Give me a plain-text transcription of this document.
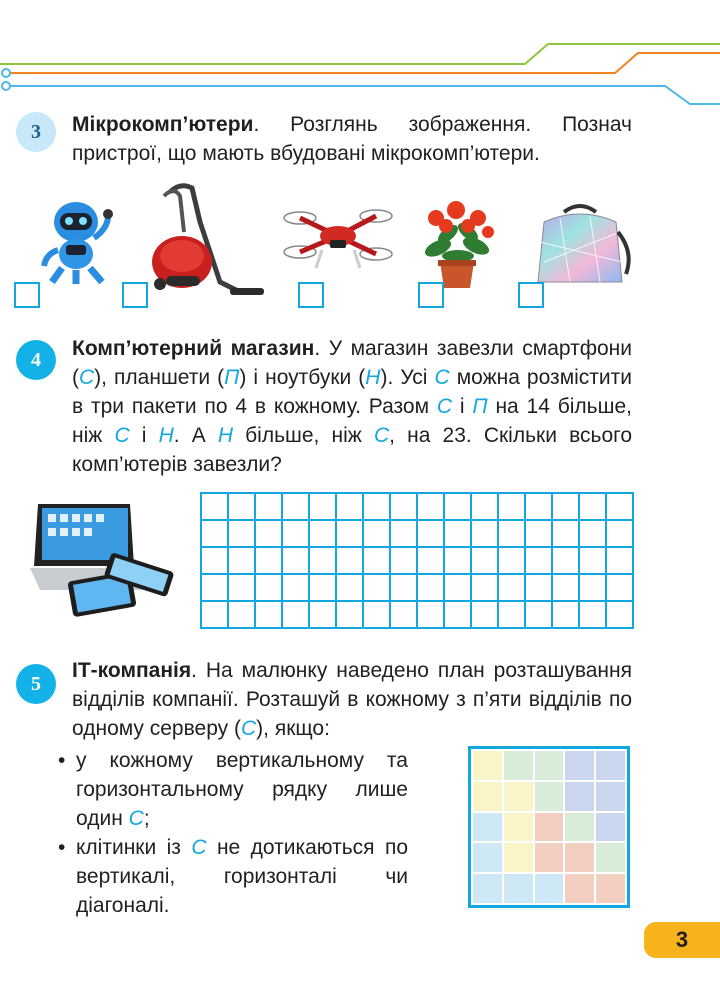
3 Мікрокомп’ютери. Розглянь зображення. Познач пристрої, що мають вбудовані мікрокомп’ютери.
4 Комп’ютерний магазин. У магазин завезли смартфони (С), планшети (П) і ноутбуки (Н). Усі С можна розмістити в три пакети по 4 в кожному. Разом С і П на 14 більше, ніж С і Н. А Н більше, ніж С, на 23. Скільки всього комп’ютерів завезли?
5
ІТ-компанія. На малюнку наведено план розташування відділів компанії. Розташуй в кожному з п’яти відділів по одному серверу (С), якщо:
• у кожному вертикальному та горизонтальному рядку лише один С;
• клітинки із С не дотикаються по вертикалі, горизонталі чи діагоналі.
3
